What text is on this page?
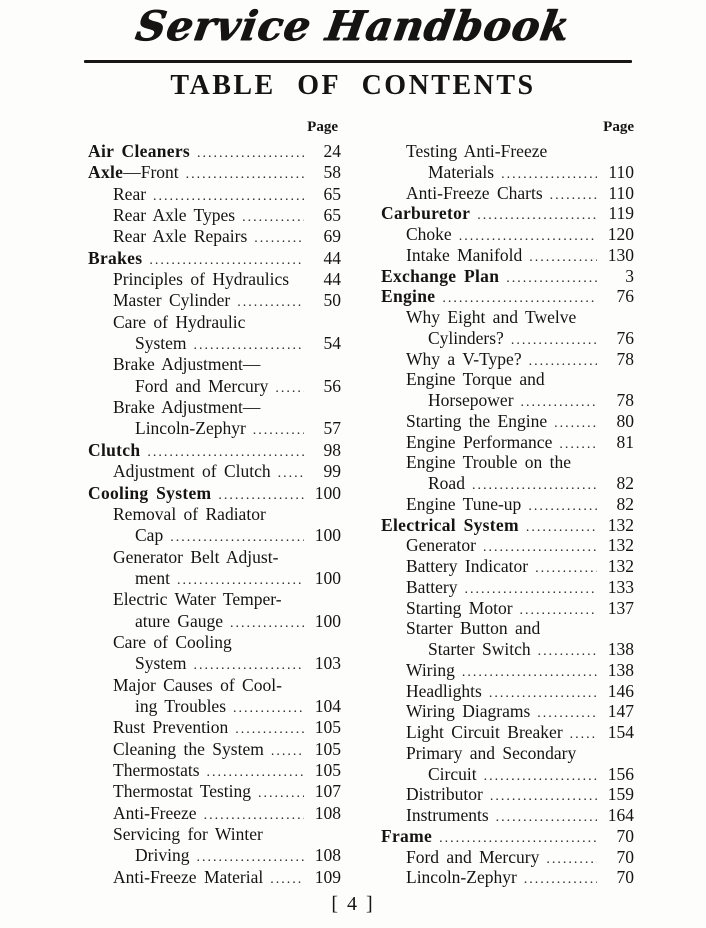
Service Handbook
TABLE OF CONTENTS
Page	Page
Air Cleaners .....	24
Axle—Front .....	58
Rear .....	65
Rear Axle Types .....	65
Rear Axle Repairs .....	69
Brakes .....	44
Principles of Hydraulics	44
Master Cylinder .....	50
Care of Hydraulic
System .....	54
Brake Adjustment—
Ford and Mercury .....	56
Brake Adjustment—
Lincoln-Zephyr .....	57
Clutch .....	98
Adjustment of Clutch .....	99
Cooling System .....	100
Removal of Radiator
Cap .....	100
Generator Belt Adjust-
ment .....	100
Electric Water Temper-
ature Gauge .....	100
Care of Cooling
System .....	103
Major Causes of Cool-
ing Troubles .....	104
Rust Prevention .....	105
Cleaning the System .....	105
Thermostats .....	105
Thermostat Testing .....	107
Anti-Freeze .....	108
Servicing for Winter
Driving .....	108
Anti-Freeze Material .....	109
Testing Anti-Freeze
Materials .....	110
Anti-Freeze Charts .....	110
Carburetor .....	119
Choke .....	120
Intake Manifold .....	130
Exchange Plan .....	3
Engine .....	76
Why Eight and Twelve
Cylinders? .....	76
Why a V-Type? .....	78
Engine Torque and
Horsepower .....	78
Starting the Engine .....	80
Engine Performance .....	81
Engine Trouble on the
Road .....	82
Engine Tune-up .....	82
Electrical System .....	132
Generator .....	132
Battery Indicator .....	132
Battery .....	133
Starting Motor .....	137
Starter Button and
Starter Switch .....	138
Wiring .....	138
Headlights .....	146
Wiring Diagrams .....	147
Light Circuit Breaker .....	154
Primary and Secondary
Circuit .....	156
Distributor .....	159
Instruments .....	164
Frame .....	70
Ford and Mercury .....	70
Lincoln-Zephyr .....	70
[ 4 ]
